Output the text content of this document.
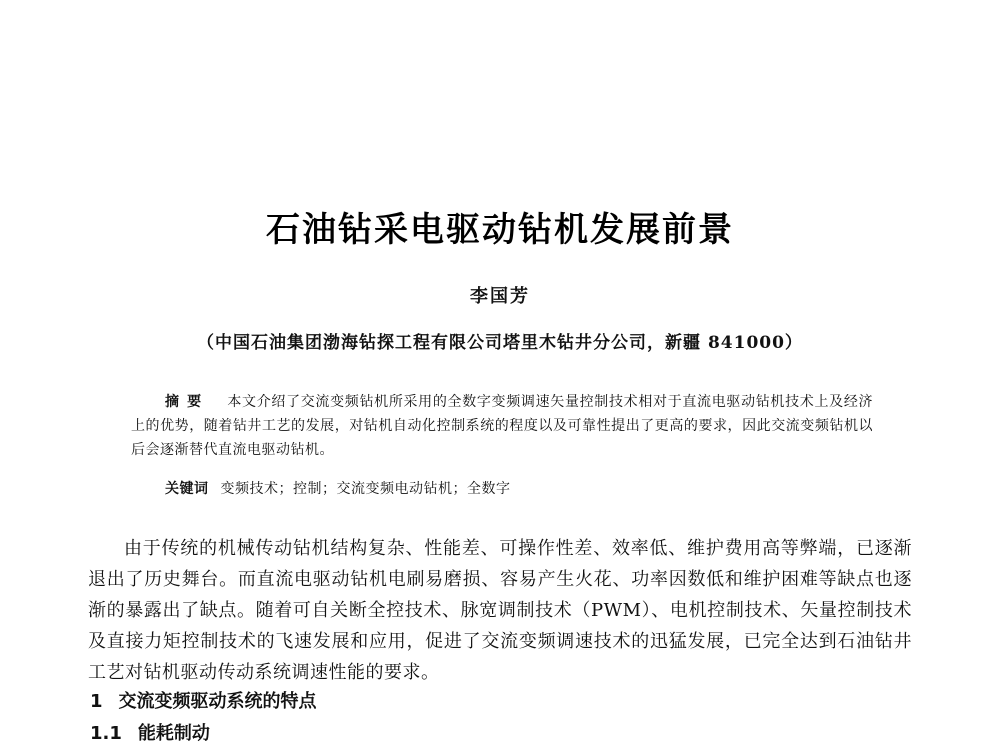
石油钻采电驱动钻机发展前景
李国芳
（中国石油集团渤海钻探工程有限公司塔里木钻井分公司，新疆 841000）
摘要 本文介绍了交流变频钻机所采用的全数字变频调速矢量控制技术相对于直流电驱动钻机技术上及经济上的优势，随着钻井工艺的发展，对钻机自动化控制系统的程度以及可靠性提出了更高的要求，因此交流变频钻机以后会逐渐替代直流电驱动钻机。
关键词 变频技术；控制；交流变频电动钻机；全数字

由于传统的机械传动钻机结构复杂、性能差、可操作性差、效率低、维护费用高等弊端，已逐渐退出了历史舞台。而直流电驱动钻机电刷易磨损、容易产生火花、功率因数低和维护困难等缺点也逐渐的暴露出了缺点。随着可自关断全控技术、脉宽调制技术（PWM）、电机控制技术、矢量控制技术及直接力矩控制技术的飞速发展和应用，促进了交流变频调速技术的迅猛发展，已完全达到石油钻井工艺对钻机驱动传动系统调速性能的要求。

1 交流变频驱动系统的特点
1.1 能耗制动
